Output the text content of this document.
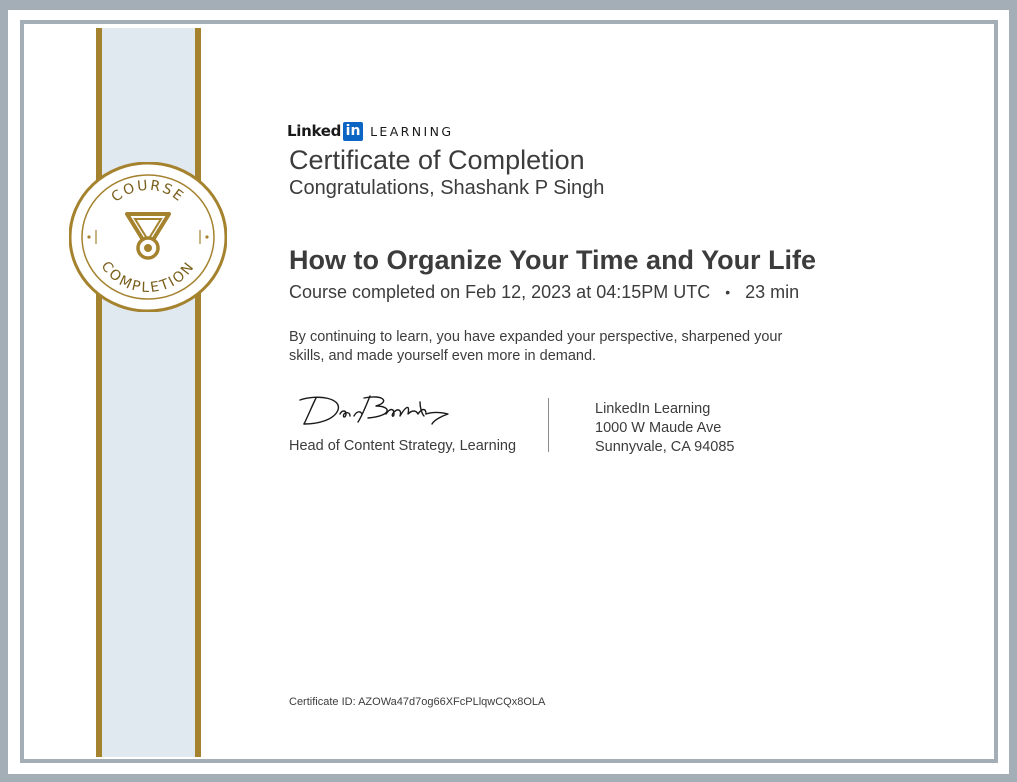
COURSE
COMPLETION
Linked in LEARNING
Certificate of Completion
Congratulations, Shashank P Singh
How to Organize Your Time and Your Life
Course completed on Feb 12, 2023 at 04:15PM UTC • 23 min
By continuing to learn, you have expanded your perspective, sharpened your skills, and made yourself even more in demand.
Head of Content Strategy, Learning
LinkedIn Learning
1000 W Maude Ave
Sunnyvale, CA 94085
Certificate ID: AZOWa47d7og66XFcPLlqwCQx8OLA
